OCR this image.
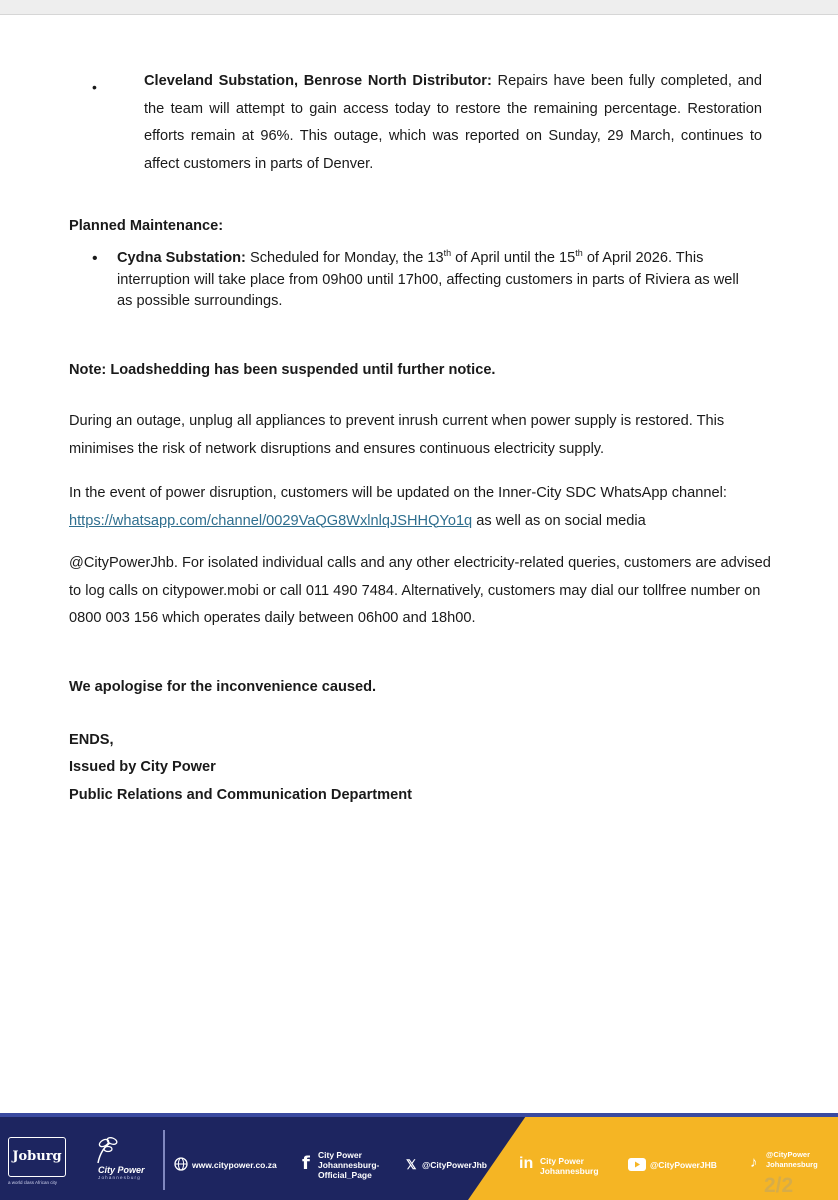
•	Cleveland Substation, Benrose North Distributor: Repairs have been fully completed, and the team will attempt to gain access today to restore the remaining percentage. Restoration efforts remain at 96%. This outage, which was reported on Sunday, 29 March, continues to affect customers in parts of Denver.

Planned Maintenance:

• Cydna Substation: Scheduled for Monday, the 13th of April until the 15th of April 2026. This interruption will take place from 09h00 until 17h00, affecting customers in parts of Riviera as well as possible surroundings.

Note: Loadshedding has been suspended until further notice.

During an outage, unplug all appliances to prevent inrush current when power supply is restored. This minimises the risk of network disruptions and ensures continuous electricity supply.

In the event of power disruption, customers will be updated on the Inner-City SDC WhatsApp channel: https://whatsapp.com/channel/0029VaQG8WxlnlqJSHHQYo1q as well as on social media

@CityPowerJhb. For isolated individual calls and any other electricity-related queries, customers are advised to log calls on citypower.mobi or call 011 490 7484. Alternatively, customers may dial our tollfree number on 0800 003 156 which operates daily between 06h00 and 18h00.

We apologise for the inconvenience caused.

ENDS,

Issued by City Power

Public Relations and Communication Department

Joburg
a world class African city
City Power
Johannesburg
www.citypower.co.za f City Power
Johannesburg-
Official_Page
𝕏 @CityPowerJhb in City Power
Johannesburg
@CityPowerJHB ♪ @CityPower
Johannesburg
2/2
